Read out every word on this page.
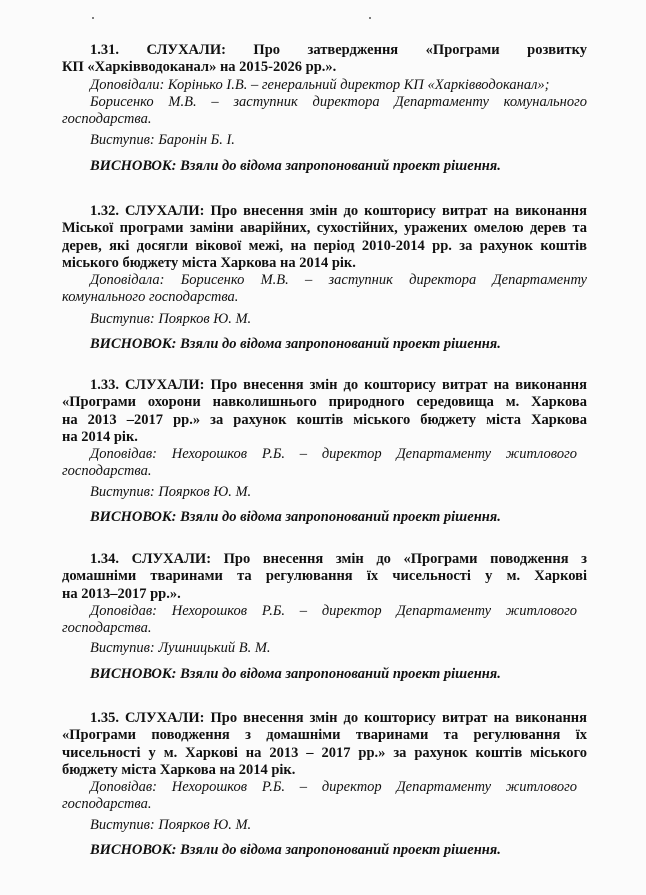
1.31. СЛУХАЛИ: Про затвердження «Програми розвитку
КП «Харківводоканал» на 2015-2026 рр.».

Доповідали: Корінько І.В. – генеральний директор КП «Харківводоканал»;
Борисенко М.В. – заступник директора Департаменту комунального
господарства.

Виступив: Баронін Б. І.

ВИСНОВОК: Взяли до відома запропонований проект рішення.

1.32. СЛУХАЛИ: Про внесення змін до кошторису витрат на виконання
Міської програми заміни аварійних, сухостійних, уражених омелою дерев та
дерев, які досягли вікової межі, на період 2010-2014 рр. за рахунок коштів
міського бюджету міста Харкова на 2014 рік.

Доповідала: Борисенко М.В. – заступник директора Департаменту
комунального господарства.

Виступив: Поярков Ю. М.

ВИСНОВОК: Взяли до відома запропонований проект рішення.

1.33. СЛУХАЛИ: Про внесення змін до кошторису витрат на виконання
«Програми охорони навколишнього природного середовища м. Харкова
на 2013 –2017 рр.» за рахунок коштів міського бюджету міста Харкова
на 2014 рік.

Доповідав: Нехорошков Р.Б. – директор Департаменту житлового
господарства.

Виступив: Поярков Ю. М.

ВИСНОВОК: Взяли до відома запропонований проект рішення.

1.34. СЛУХАЛИ: Про внесення змін до «Програми поводження з
домашніми тваринами та регулювання їх чисельності у м. Харкові
на 2013–2017 рр.».

Доповідав: Нехорошков Р.Б. – директор Департаменту житлового
господарства.

Виступив: Лушницький В. М.

ВИСНОВОК: Взяли до відома запропонований проект рішення.

1.35. СЛУХАЛИ: Про внесення змін до кошторису витрат на виконання
«Програми поводження з домашніми тваринами та регулювання їх
чисельності у м. Харкові на 2013 – 2017 рр.» за рахунок коштів міського
бюджету міста Харкова на 2014 рік.

Доповідав: Нехорошков Р.Б. – директор Департаменту житлового
господарства.

Виступив: Поярков Ю. М.

ВИСНОВОК: Взяли до відома запропонований проект рішення.
